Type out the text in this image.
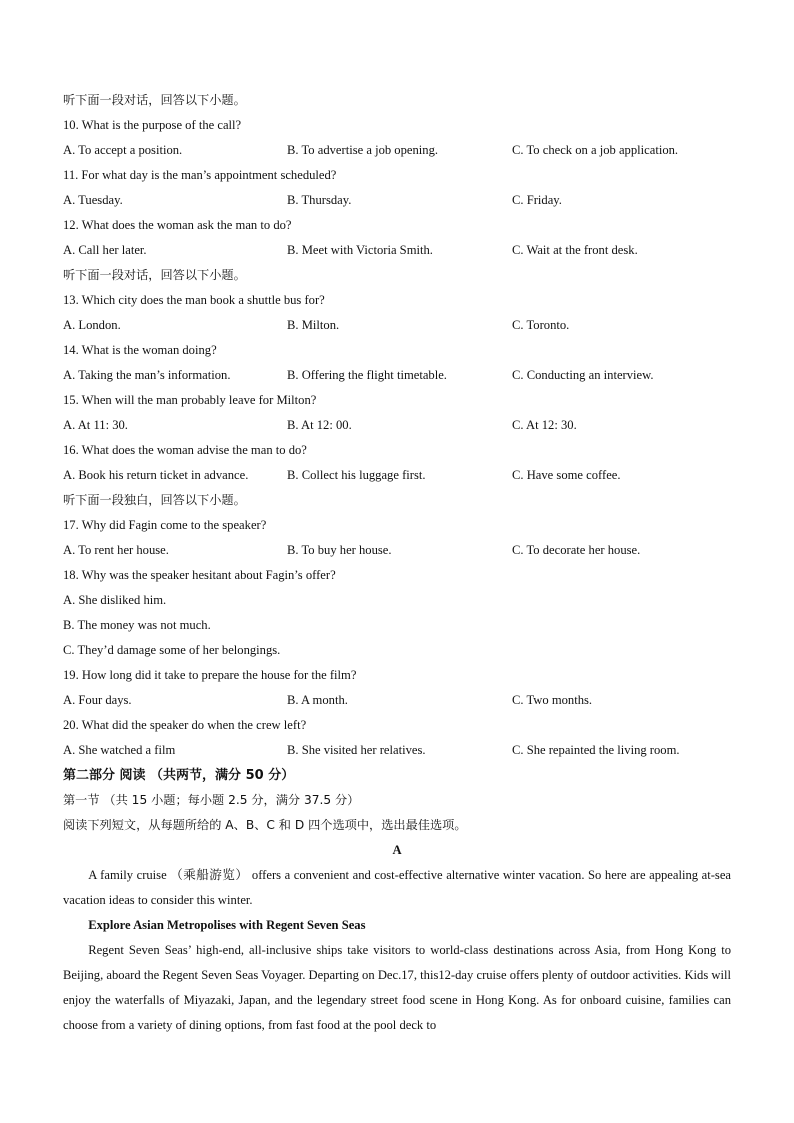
听下面一段对话，回答以下小题。
10. What is the purpose of the call?
A. To accept a position.	B. To advertise a job opening.	C. To check on a job application.
11. For what day is the man’s appointment scheduled?
A. Tuesday.	B. Thursday.	C. Friday.
12. What does the woman ask the man to do?
A. Call her later.	B. Meet with Victoria Smith.	C. Wait at the front desk.
听下面一段对话，回答以下小题。
13. Which city does the man book a shuttle bus for?
A. London.	B. Milton.	C. Toronto.
14. What is the woman doing?
A. Taking the man’s information.	B. Offering the flight timetable.	C. Conducting an interview.
15. When will the man probably leave for Milton?
A. At 11: 30.	B. At 12: 00.	C. At 12: 30.
16. What does the woman advise the man to do?
A. Book his return ticket in advance.	B. Collect his luggage first.	C. Have some coffee.
听下面一段独白，回答以下小题。
17. Why did Fagin come to the speaker?
A. To rent her house.	B. To buy her house.	C. To decorate her house.
18. Why was the speaker hesitant about Fagin’s offer?
A. She disliked him.
B. The money was not much.
C. They’d damage some of her belongings.
19. How long did it take to prepare the house for the film?
A. Four days.	B. A month.	C. Two months.
20. What did the speaker do when the crew left?
A. She watched a film	B. She visited her relatives.	C. She repainted the living room.
第二部分 阅读 （共两节，满分 50 分）
第一节 （共 15 小题；每小题 2.5 分，满分 37.5 分）
阅读下列短文，从每题所给的 A、B、C 和 D 四个选项中，选出最佳选项。
A
A family cruise （乘船游览） offers a convenient and cost-effective alternative winter vacation. So here are appealing at-sea vacation ideas to consider this winter.
Explore Asian Metropolises with Regent Seven Seas
Regent Seven Seas’ high-end, all-inclusive ships take visitors to world-class destinations across Asia, from Hong Kong to Beijing, aboard the Regent Seven Seas Voyager. Departing on Dec.17, this12-day cruise offers plenty of outdoor activities. Kids will enjoy the waterfalls of Miyazaki, Japan, and the legendary street food scene in Hong Kong. As for onboard cuisine, families can choose from a variety of dining options, from fast food at the pool deck to
